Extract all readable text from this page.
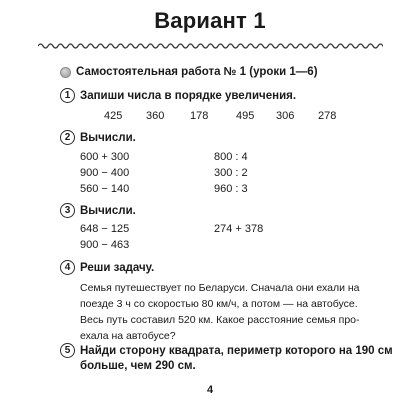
Вариант 1
Самостоятельная работа № 1 (уроки 1—6)
1 Запиши числа в порядке увеличения.
425 360 178	495 306 278
2 Вычисли.
600 + 300
900 − 400
560 − 140
800 : 4
300 : 2
960 : 3
3 Вычисли.
648 − 125
900 − 463
274 + 378
4 Реши задачу.
Семья путешествует по Беларуси. Сначала они ехали на
поезде 3 ч со скоростью 80 км/ч, а потом — на автобусе.
Весь путь составил 520 км. Какое расстояние семья про-
ехала на автобусе?
5 Найди сторону квадрата, периметр которого на 190 см
больше, чем 290 см.
4
